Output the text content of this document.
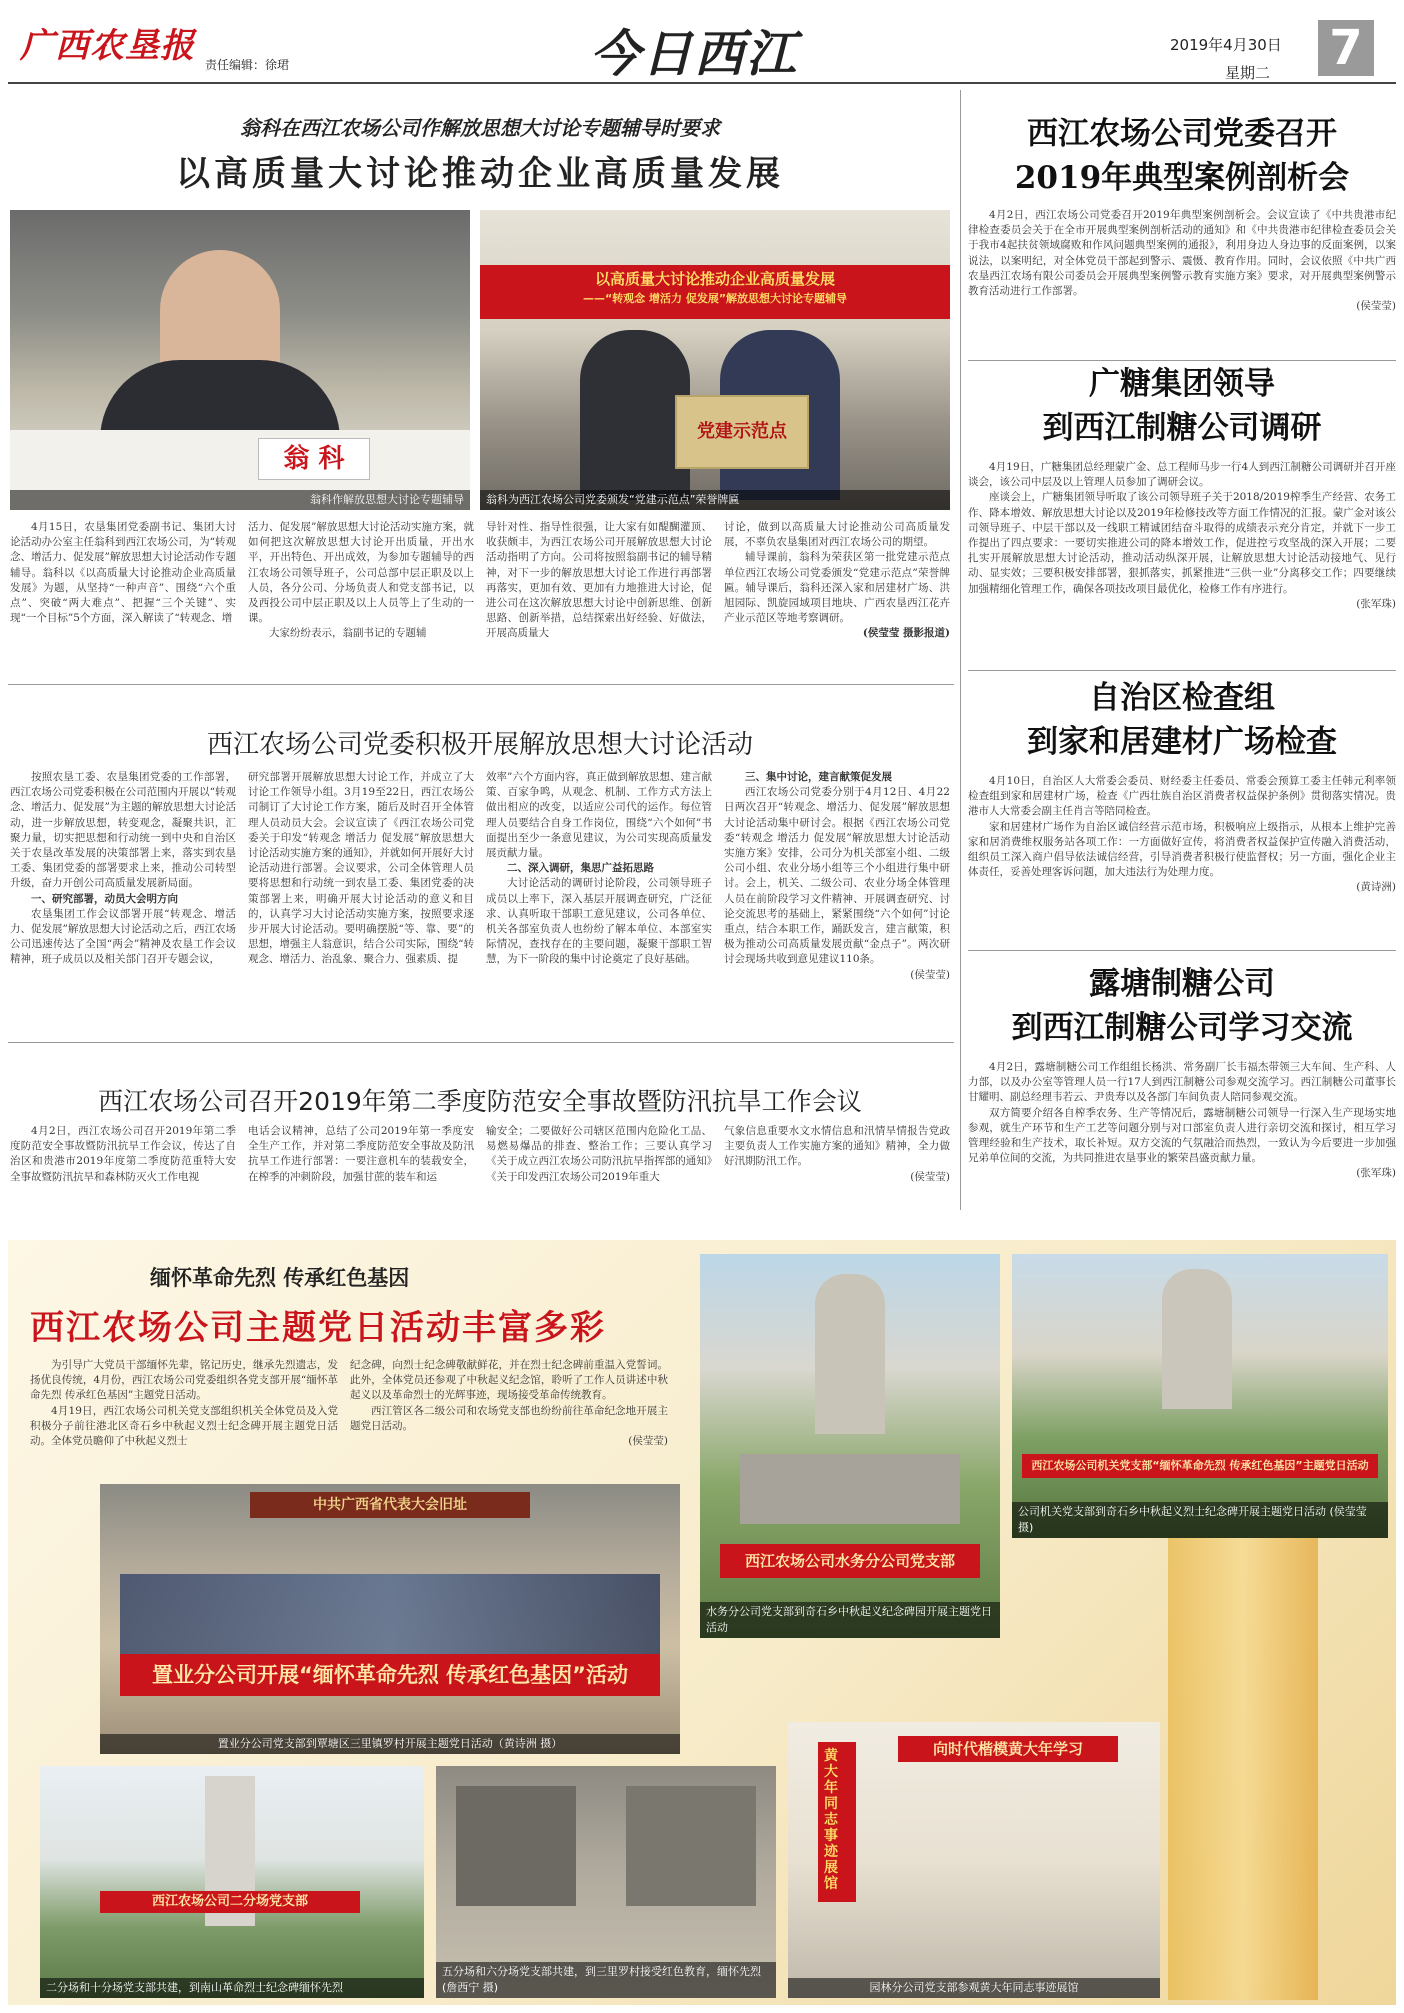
广西农垦报 责任编辑：徐珺	今日西江	2019年4月30日
星期二 7
翁科在西江农场公司作解放思想大讨论专题辅导时要求
以高质量大讨论推动企业高质量发展
翁 科
翁科作解放思想大讨论专题辅导
以高质量大讨论推动企业高质量发展
——“转观念 增活力 促发展”解放思想大讨论专题辅导
党建示范点
翁科为西江农场公司党委颁发“党建示范点”荣誉牌匾

4月15日，农垦集团党委副书记、集团大讨论活动办公室主任翁科到西江农场公司，为“转观念、增活力、促发展”解放思想大讨论活动作专题辅导。翁科以《以高质量大讨论推动企业高质量发展》为题，从坚持“一种声音”、围绕“六个重点”、突破“两大难点”、把握“三个关键”、实现“一个目标”5个方面，深入解读了“转观念、增

活力、促发展”解放思想大讨论活动实施方案，就如何把这次解放思想大讨论开出质量，开出水平，开出特色、开出成效，为参加专题辅导的西江农场公司领导班子，公司总部中层正职及以上人员，各分公司、分场负责人和党支部书记，以及西投公司中层正职及以上人员等上了生动的一课。

大家纷纷表示，翁副书记的专题辅

导针对性、指导性很强，让大家有如醍醐灌顶、收获颇丰，为西江农场公司开展解放思想大讨论活动指明了方向。公司将按照翁副书记的辅导精神，对下一步的解放思想大讨论工作进行再部署再落实，更加有效、更加有力地推进大讨论，促进公司在这次解放思想大讨论中创新思维、创新思路、创新举措，总结探索出好经验、好做法，开展高质量大

讨论，做到以高质量大讨论推动公司高质量发展，不辜负农垦集团对西江农场公司的期望。

辅导课前，翁科为荣获区第一批党建示范点单位西江农场公司党委颁发“党建示范点”荣誉牌匾。辅导课后，翁科还深入家和居建材广场、洪旭园际、凯旋园域项目地块、广西农垦西江花卉产业示范区等地考察调研。

(侯莹莹 摄影报道)

西江农场公司党委积极开展解放思想大讨论活动

按照农垦工委、农垦集团党委的工作部署，西江农场公司党委积极在公司范围内开展以“转观念、增活力、促发展”为主题的解放思想大讨论活动，进一步解放思想，转变观念，凝聚共识，汇聚力量，切实把思想和行动统一到中央和自治区关于农垦改革发展的决策部署上来，落实到农垦工委、集团党委的部署要求上来，推动公司转型升级，奋力开创公司高质量发展新局面。

一、研究部署，动员大会明方向

农垦集团工作会议部署开展“转观念、增活力、促发展”解放思想大讨论活动之后，西江农场公司迅速传达了全国“两会”精神及农垦工作会议精神，班子成员以及相关部门召开专题会议，

研究部署开展解放思想大讨论工作，并成立了大讨论工作领导小组。3月19至22日，西江农场公司制订了大讨论工作方案，随后及时召开全体管理人员动员大会。会议宣读了《西江农场公司党委关于印发“转观念 增活力 促发展”解放思想大讨论活动实施方案的通知》，并就如何开展好大讨论活动进行部署。会议要求，公司全体管理人员要将思想和行动统一到农垦工委、集团党委的决策部署上来，明确开展大讨论活动的意义和目的，认真学习大讨论活动实施方案，按照要求逐步开展大讨论活动。要明确摆脱“等、靠、要”的思想，增强主人翁意识，结合公司实际，围绕“转观念、增活力、治乱象、聚合力、强素质、提

效率”六个方面内容，真正做到解放思想、建言献策、百家争鸣，从观念、机制、工作方式方法上做出相应的改变，以适应公司代的运作。每位管理人员要结合自身工作岗位，围绕“六个如何”书面提出至少一条意见建议，为公司实现高质量发展贡献力量。

二、深入调研，集思广益拓思路

大讨论活动的调研讨论阶段，公司领导班子成员以上率下，深入基层开展调查研究，广泛征求、认真听取干部职工意见建议，公司各单位、机关各部室负责人也纷纷了解本单位、本部室实际情况，查找存在的主要问题，凝聚干部职工智慧，为下一阶段的集中讨论奠定了良好基础。

三、集中讨论，建言献策促发展

西江农场公司党委分别于4月12日、4月22日两次召开“转观念、增活力、促发展”解放思想大讨论活动集中研讨会。根据《西江农场公司党委“转观念 增活力 促发展”解放思想大讨论活动实施方案》安排，公司分为机关部室小组、二级公司小组、农业分场小组等三个小组进行集中研讨。会上，机关、二级公司、农业分场全体管理人员在前阶段学习文件精神、开展调查研究、讨论交流思考的基础上，紧紧围绕“六个如何”讨论重点，结合本职工作，踊跃发言，建言献策，积极为推动公司高质量发展贡献“金点子”。两次研讨会现场共收到意见建议110条。

(侯莹莹)

西江农场公司召开2019年第二季度防范安全事故暨防汛抗旱工作会议

4月2日，西江农场公司召开2019年第二季度防范安全事故暨防汛抗旱工作会议，传达了自治区和贵港市2019年度第二季度防范重特大安全事故暨防汛抗旱和森林防灭火工作电视

电话会议精神，总结了公司2019年第一季度安全生产工作，并对第二季度防范安全事故及防汛抗旱工作进行部署：一要注意机车的装载安全，在榨季的冲刺阶段，加强甘蔗的装车和运

输安全；二要做好公司辖区范围内危险化工品、易燃易爆品的排查、整治工作；三要认真学习《关于成立西江农场公司防汛抗旱指挥部的通知》《关于印发西江农场公司2019年重大

气象信息重要水文水情信息和汛情旱情报告党政主要负责人工作实施方案的通知》精神，全力做好汛期防汛工作。

(侯莹莹)

西江农场公司党委召开
2019年典型案例剖析会

4月2日，西江农场公司党委召开2019年典型案例剖析会。会议宣读了《中共贵港市纪律检查委员会关于在全市开展典型案例剖析活动的通知》和《中共贵港市纪律检查委员会关于我市4起扶贫领域腐败和作风问题典型案例的通报》，利用身边人身边事的反面案例，以案说法，以案明纪，对全体党员干部起到警示、震慑、教育作用。同时，会议依照《中共广西农垦西江农场有限公司委员会开展典型案例警示教育实施方案》要求，对开展典型案例警示教育活动进行工作部署。

(侯莹莹)

广糖集团领导
到西江制糖公司调研

4月19日，广糖集团总经理蒙广金、总工程师马步一行4人到西江制糖公司调研并召开座谈会，该公司中层及以上管理人员参加了调研会议。

座谈会上，广糖集团领导听取了该公司领导班子关于2018/2019榨季生产经营、农务工作、降本增效、解放思想大讨论以及2019年检修技改等方面工作情况的汇报。蒙广金对该公司领导班子、中层干部以及一线职工精诚团结奋斗取得的成绩表示充分肯定，并就下一步工作提出了四点要求：一要切实推进公司的降本增效工作，促进控亏攻坚战的深入开展；二要扎实开展解放思想大讨论活动，推动活动纵深开展，让解放思想大讨论活动接地气、见行动、显实效；三要积极安排部署，狠抓落实，抓紧推进“三供一业”分离移交工作；四要继续加强精细化管理工作，确保各项技改项目最优化，检修工作有序进行。

(张军珠)

自治区检查组
到家和居建材广场检查

4月10日，自治区人大常委会委员、财经委主任委员、常委会预算工委主任韩元利率领检查组到家和居建材广场，检查《广西壮族自治区消费者权益保护条例》贯彻落实情况。贵港市人大常委会副主任肖言等陪同检查。

家和居建材广场作为自治区诚信经营示范市场，积极响应上级指示，从根本上维护完善家和居消费维权服务站各项工作：一方面做好宣传，将消费者权益保护宣传融入消费活动，组织员工深入商户倡导依法诚信经营，引导消费者积极行使监督权；另一方面，强化企业主体责任，妥善处理客诉问题，加大违法行为处理力度。

(黄诗洲)

露塘制糖公司
到西江制糖公司学习交流

4月2日，露塘制糖公司工作组组长杨洪、常务副厂长韦福杰带领三大车间、生产科、人力部，以及办公室等管理人员一行17人到西江制糖公司参观交流学习。西江制糖公司董事长甘耀明、副总经理韦若云、尹贵寿以及各部门车间负责人陪同参观交流。

双方简要介绍各自榨季农务、生产等情况后，露塘制糖公司领导一行深入生产现场实地参观，就生产环节和生产工艺等问题分别与对口部室负责人进行亲切交流和探讨，相互学习管理经验和生产技术，取长补短。双方交流的气氛融洽而热烈，一致认为今后要进一步加强兄弟单位间的交流，为共同推进农垦事业的繁荣昌盛贡献力量。

(张军珠)

缅怀革命先烈 传承红色基因
西江农场公司主题党日活动丰富多彩

为引导广大党员干部缅怀先辈，铭记历史，继承先烈遗志，发扬优良传统，4月份，西江农场公司党委组织各党支部开展“缅怀革命先烈 传承红色基因”主题党日活动。

4月19日，西江农场公司机关党支部组织机关全体党员及入党积极分子前往港北区奇石乡中秋起义烈士纪念碑开展主题党日活动。全体党员瞻仰了中秋起义烈士

纪念碑，向烈士纪念碑敬献鲜花，并在烈士纪念碑前重温入党誓词。此外，全体党员还参观了中秋起义纪念馆，聆听了工作人员讲述中秋起义以及革命烈士的光辉事迹，现场接受革命传统教育。

西江管区各二级公司和农场党支部也纷纷前往革命纪念地开展主题党日活动。

(侯莹莹)

西江农场公司水务分公司党支部
水务分公司党支部到奇石乡中秋起义纪念碑园开展主题党日活动
西江农场公司机关党支部“缅怀革命先烈 传承红色基因”主题党日活动
公司机关党支部到奇石乡中秋起义烈士纪念碑开展主题党日活动 (侯莹莹 摄)
中共广西省代表大会旧址
置业分公司开展“缅怀革命先烈 传承红色基因”活动
置业分公司党支部到覃塘区三里镇罗村开展主题党日活动（黄诗洲 摄）
西江农场公司二分场党支部
二分场和十分场党支部共建，到南山革命烈士纪念碑缅怀先烈
五分场和六分场党支部共建，到三里罗村接受红色教育，缅怀先烈 (詹西宁 摄)
向时代楷模黄大年学习
黄大年同志事迹展馆
园林分公司党支部参观黄大年同志事迹展馆
